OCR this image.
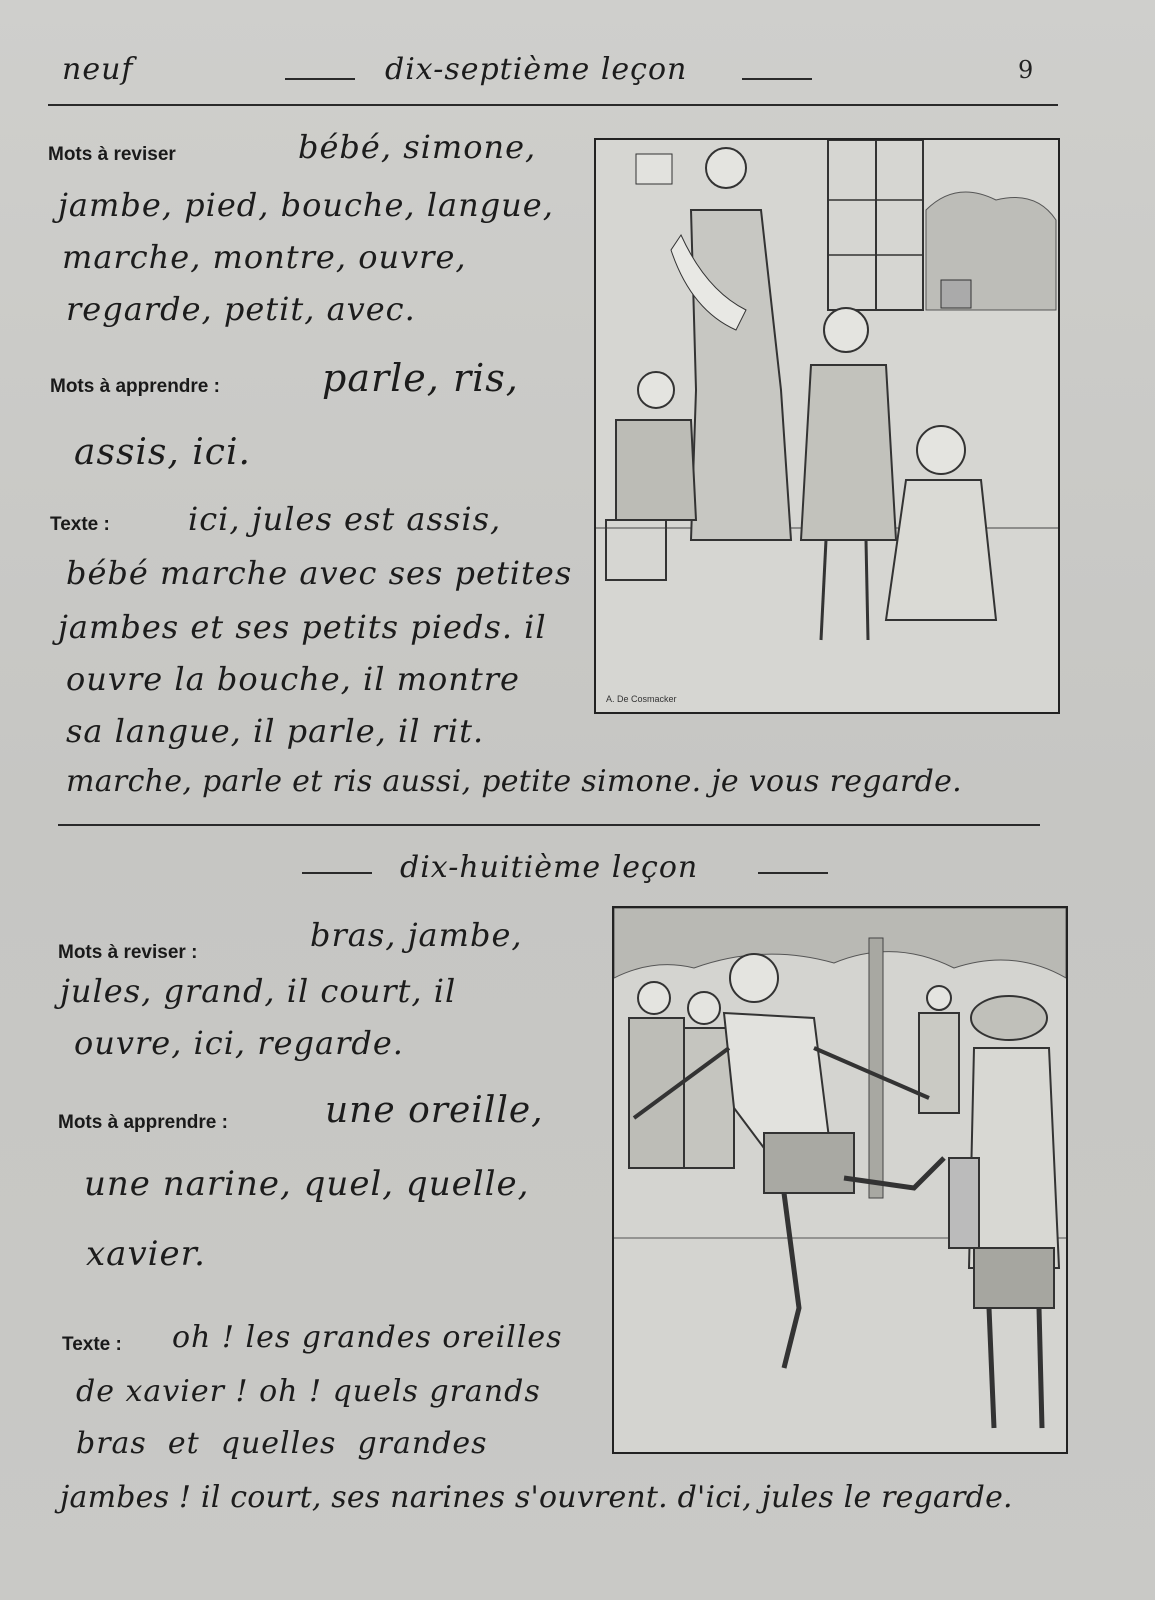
neuf	dix-septième leçon	9
Mots à reviser	bébé, simone,
jambe, pied, bouche, langue,
marche, montre, ouvre,
regarde, petit, avec.
Mots à apprendre :	parle, ris,
assis, ici.
Texte : ici, jules est assis,
bébé marche avec ses petites
jambes et ses petits pieds. il
ouvre la bouche, il montre
sa langue, il parle, il rit.
marche, parle et ris aussi, petite simone. je vous regarde.
A. De Cosmacker
dix-huitième leçon
Mots à reviser :	bras, jambe,
jules, grand, il court, il
ouvre, ici, regarde.
Mots à apprendre :	une oreille,
une narine, quel, quelle,
xavier.
Texte : oh ! les grandes oreilles
de xavier ! oh ! quels grands
bras  et  quelles  grandes
jambes ! il court, ses narines s'ouvrent. d'ici, jules le regarde.
